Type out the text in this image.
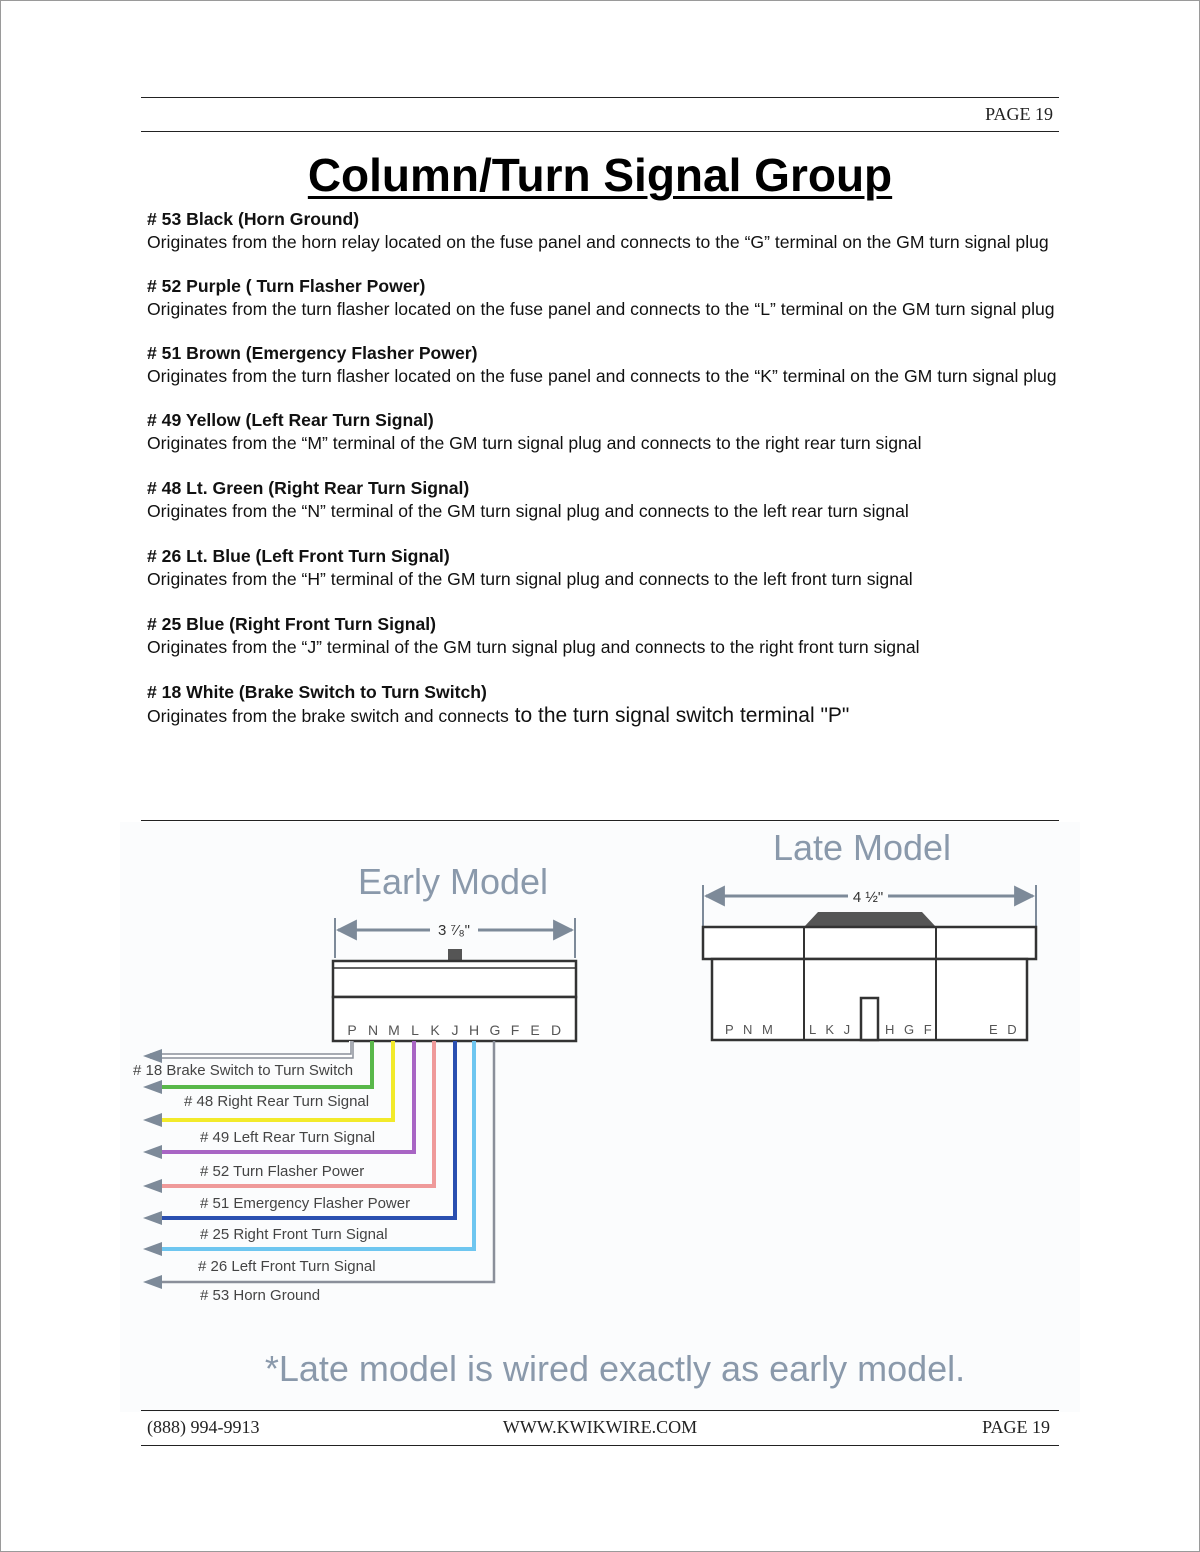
PAGE 19
Column/Turn Signal Group
# 53 Black (Horn Ground)
Originates from the horn relay located on the fuse panel and connects to the “G” terminal on the GM turn signal plug
# 52 Purple ( Turn Flasher Power)
Originates from the turn flasher located on the fuse panel and connects to the “L” terminal on the GM turn signal plug
# 51 Brown (Emergency Flasher Power)
Originates from the turn flasher located on the fuse panel and connects to the “K” terminal on the GM turn signal plug
# 49 Yellow (Left Rear Turn Signal)
Originates from the “M” terminal of the GM turn signal plug and connects to the right rear turn signal
# 48 Lt. Green (Right Rear Turn Signal)
Originates from the “N” terminal of the GM turn signal plug and connects to the left rear turn signal
# 26 Lt. Blue (Left Front Turn Signal)
Originates from the “H” terminal of the GM turn signal plug and connects to the left front turn signal
# 25 Blue (Right Front Turn Signal)
Originates from the “J” terminal of the GM turn signal plug and connects to the right front turn signal
# 18 White (Brake Switch to Turn Switch)
Originates from the brake switch and connects to the turn signal switch terminal "P"
Early Model
3 ⁷⁄₈"
P N M L K J H G F E D
# 18 Brake Switch to Turn Switch
# 48 Right Rear Turn Signal
# 49 Left Rear Turn Signal
# 52 Turn Flasher Power
# 51 Emergency Flasher Power
# 25 Right Front Turn Signal
# 26 Left Front Turn Signal
# 53 Horn Ground
Late Model
4 ½"
P N M	L K J H G F	E D
*Late model is wired exactly as early model.
(888) 994-9913	WWW.KWIKWIRE.COM	PAGE 19
